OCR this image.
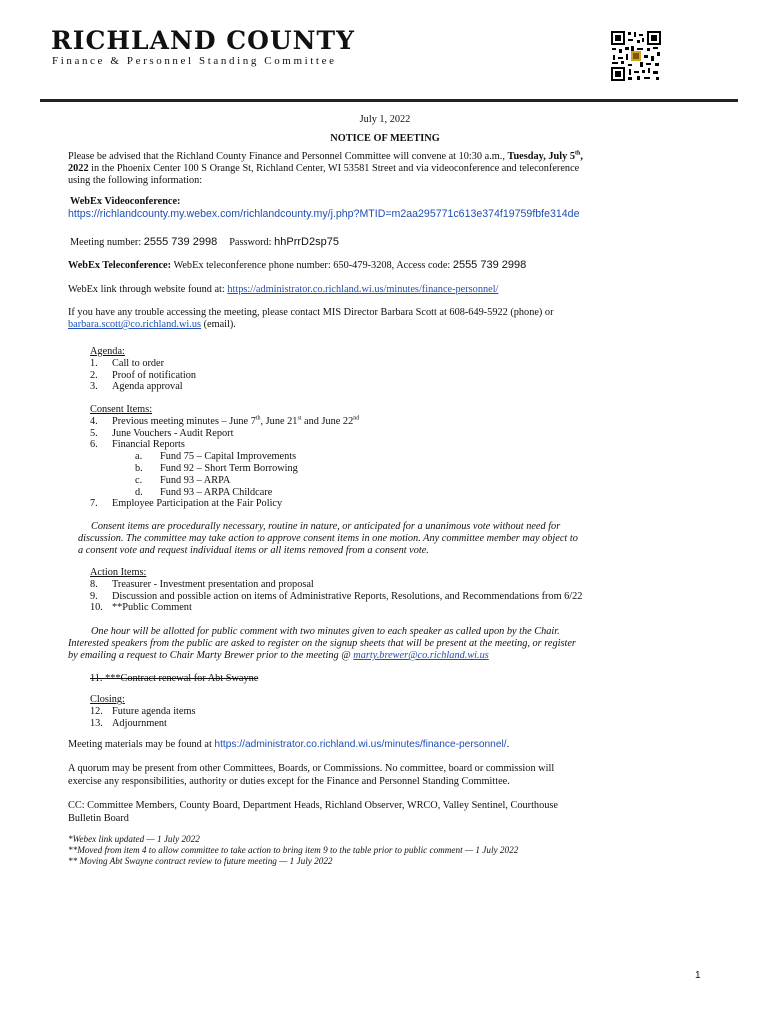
RICHLAND COUNTY
Finance & Personnel Standing Committee
July 1, 2022
NOTICE OF MEETING
Please be advised that the Richland County Finance and Personnel Committee will convene at 10:30 a.m., Tuesday, July 5th,
2022 in the Phoenix Center 100 S Orange St, Richland Center, WI 53581 Street and via videoconference and teleconference
using the following information:
WebEx Videoconference:
https://richlandcounty.my.webex.com/richlandcounty.my/j.php?MTID=m2aa295771c613e374f19759fbfe314de
Meeting number: 2555 739 2998 Password: hhPrrD2sp75
WebEx Teleconference: WebEx teleconference phone number: 650-479-3208, Access code: 2555 739 2998
WebEx link through website found at: https://administrator.co.richland.wi.us/minutes/finance-personnel/
If you have any trouble accessing the meeting, please contact MIS Director Barbara Scott at 608-649-5922 (phone) or
barbara.scott@co.richland.wi.us (email).
Agenda:
1.	Call to order
2.	Proof of notification
3.	Agenda approval
Consent Items:
4.	Previous meeting minutes – June 7th, June 21st and June 22nd
5.	June Vouchers - Audit Report
6.	Financial Reports
a.	Fund 75 – Capital Improvements
b.	Fund 92 – Short Term Borrowing
c.	Fund 93 – ARPA
d.	Fund 93 – ARPA Childcare
7.	Employee Participation at the Fair Policy
Consent items are procedurally necessary, routine in nature, or anticipated for a unanimous vote without need for
discussion. The committee may take action to approve consent items in one motion. Any committee member may object to
a consent vote and request individual items or all items removed from a consent vote.
Action Items:
8.	Treasurer - Investment presentation and proposal
9.	Discussion and possible action on items of Administrative Reports, Resolutions, and Recommendations from 6/22
10. **Public Comment
One hour will be allotted for public comment with two minutes given to each speaker as called upon by the Chair.
Interested speakers from the public are asked to register on the signup sheets that will be present at the meeting, or register
by emailing a request to Chair Marty Brewer prior to the meeting @ marty.brewer@co.richland.wi.us
11. ***Contract renewal for Abt Swayne
Closing:
12. Future agenda items
13. Adjournment
Meeting materials may be found at https://administrator.co.richland.wi.us/minutes/finance-personnel/.
A quorum may be present from other Committees, Boards, or Commissions. No committee, board or commission will
exercise any responsibilities, authority or duties except for the Finance and Personnel Standing Committee.
CC: Committee Members, County Board, Department Heads, Richland Observer, WRCO, Valley Sentinel, Courthouse
Bulletin Board
*Webex link updated — 1 July 2022
**Moved from item 4 to allow committee to take action to bring item 9 to the table prior to public comment — 1 July 2022
** Moving Abt Swayne contract review to future meeting — 1 July 2022
1
